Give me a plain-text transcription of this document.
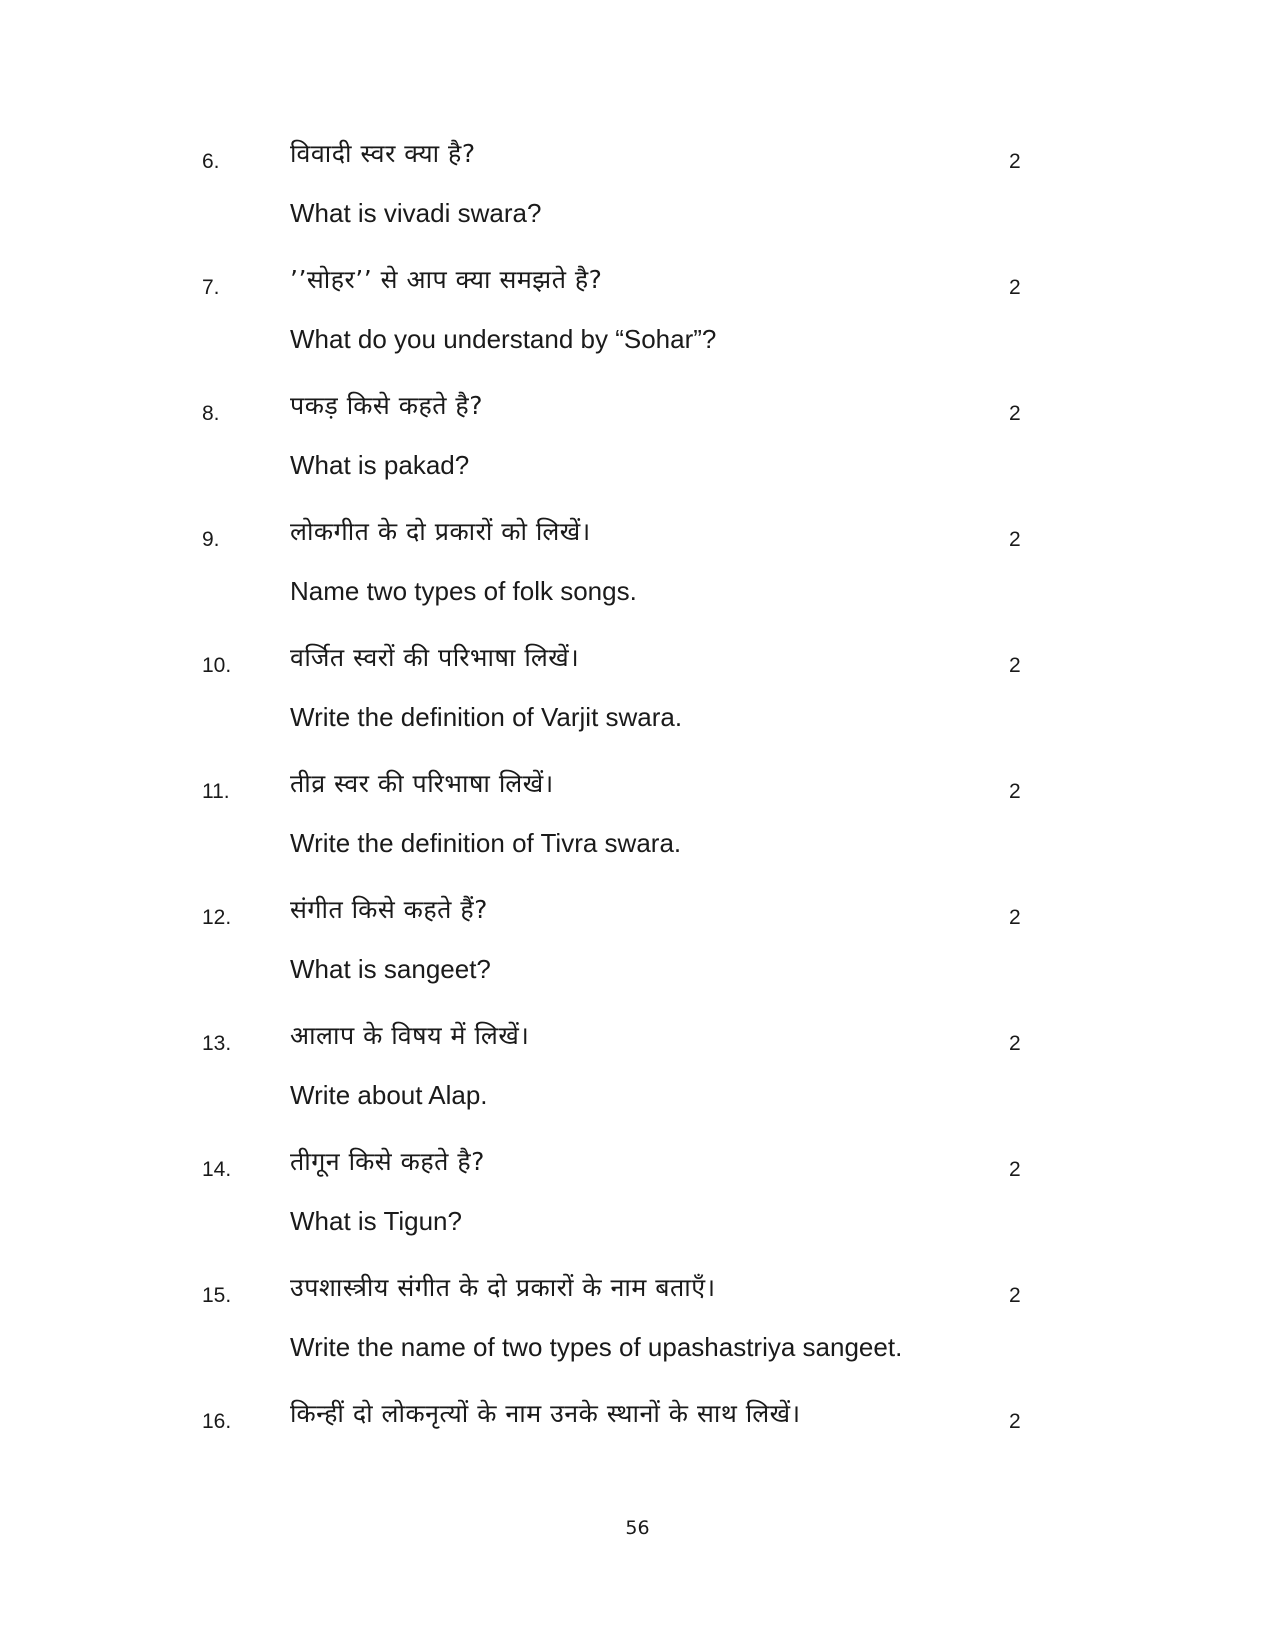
6.	विवादी स्वर क्या है?	2
What is vivadi swara?
7.	’’सोहर’’ से आप क्या समझते है?	2
What do you understand by “Sohar”?
8.	पकड़ किसे कहते है?	2
What is pakad?
9.	लोकगीत के दो प्रकारों को लिखें।	2
Name two types of folk songs.
10. वर्जित स्वरों की परिभाषा लिखें।	2
Write the definition of Varjit swara.
11. तीव्र स्वर की परिभाषा लिखें।	2
Write the definition of Tivra swara.
12. संगीत किसे कहते हैं?	2
What is sangeet?
13. आलाप के विषय में लिखें।	2
Write about Alap.
14. तीगून किसे कहते है?	2
What is Tigun?
15. उपशास्त्रीय संगीत के दो प्रकारों के नाम बताएँ।	2
Write the name of two types of upashastriya sangeet.
16. किन्हीं दो लोकनृत्यों के नाम उनके स्थानों के साथ लिखें।	2
56
